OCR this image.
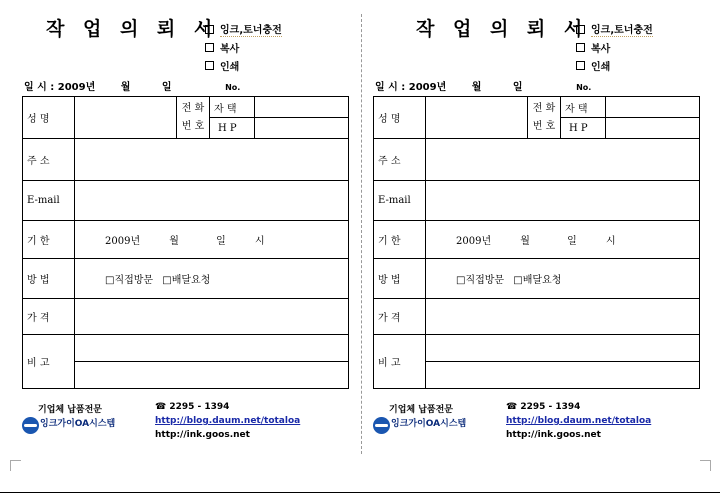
작 업 의 뢰 서 잉크,토너충전
복사
인쇄
일 시 : 2009년	월	일	No.
성 명		전 화
번 호	자 택	
			H P	
주 소				
E-mail				
기 한	2009년 월 일 시			
방 법	□직접방문 □배달요청			
가 격				
비 고				

기업체 납품전문
잉크가이OA시스템
☎ 2295 - 1394
http://blog.daum.net/totaloa
http://ink.goos.net
작 업 의 뢰 서 잉크,토너충전
복사
인쇄
일 시 : 2009년	월	일	No.
성 명		전 화
번 호	자 택	
			H P	
주 소				
E-mail				
기 한	2009년 월 일 시			
방 법	□직접방문 □배달요청			
가 격				
비 고				

기업체 납품전문
잉크가이OA시스템
☎ 2295 - 1394
http://blog.daum.net/totaloa
http://ink.goos.net
